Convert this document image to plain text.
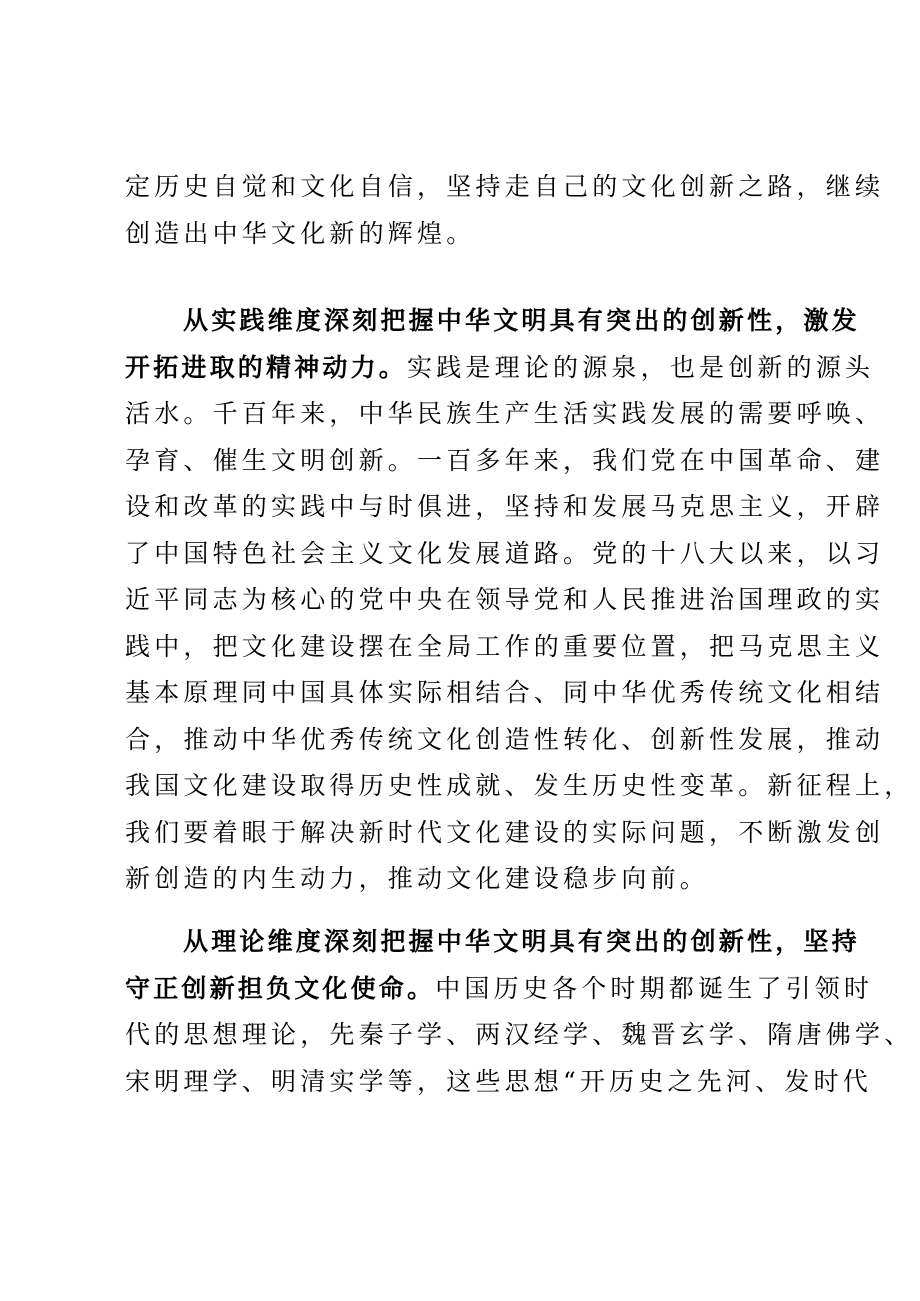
定历史自觉和文化自信，坚持走自己的文化创新之路，继续
创造出中华文化新的辉煌。

从实践维度深刻把握中华文明具有突出的创新性，激发
开拓进取的精神动力。实践是理论的源泉，也是创新的源头
活水。千百年来，中华民族生产生活实践发展的需要呼唤、
孕育、催生文明创新。一百多年来，我们党在中国革命、建
设和改革的实践中与时俱进，坚持和发展马克思主义，开辟
了中国特色社会主义文化发展道路。党的十八大以来，以习
近平同志为核心的党中央在领导党和人民推进治国理政的实
践中，把文化建设摆在全局工作的重要位置，把马克思主义
基本原理同中国具体实际相结合、同中华优秀传统文化相结
合，推动中华优秀传统文化创造性转化、创新性发展，推动
我国文化建设取得历史性成就、发生历史性变革。新征程上，
我们要着眼于解决新时代文化建设的实际问题，不断激发创
新创造的内生动力，推动文化建设稳步向前。

从理论维度深刻把握中华文明具有突出的创新性，坚持
守正创新担负文化使命。中国历史各个时期都诞生了引领时
代的思想理论，先秦子学、两汉经学、魏晋玄学、隋唐佛学、
宋明理学、明清实学等，这些思想“开历史之先河、发时代
